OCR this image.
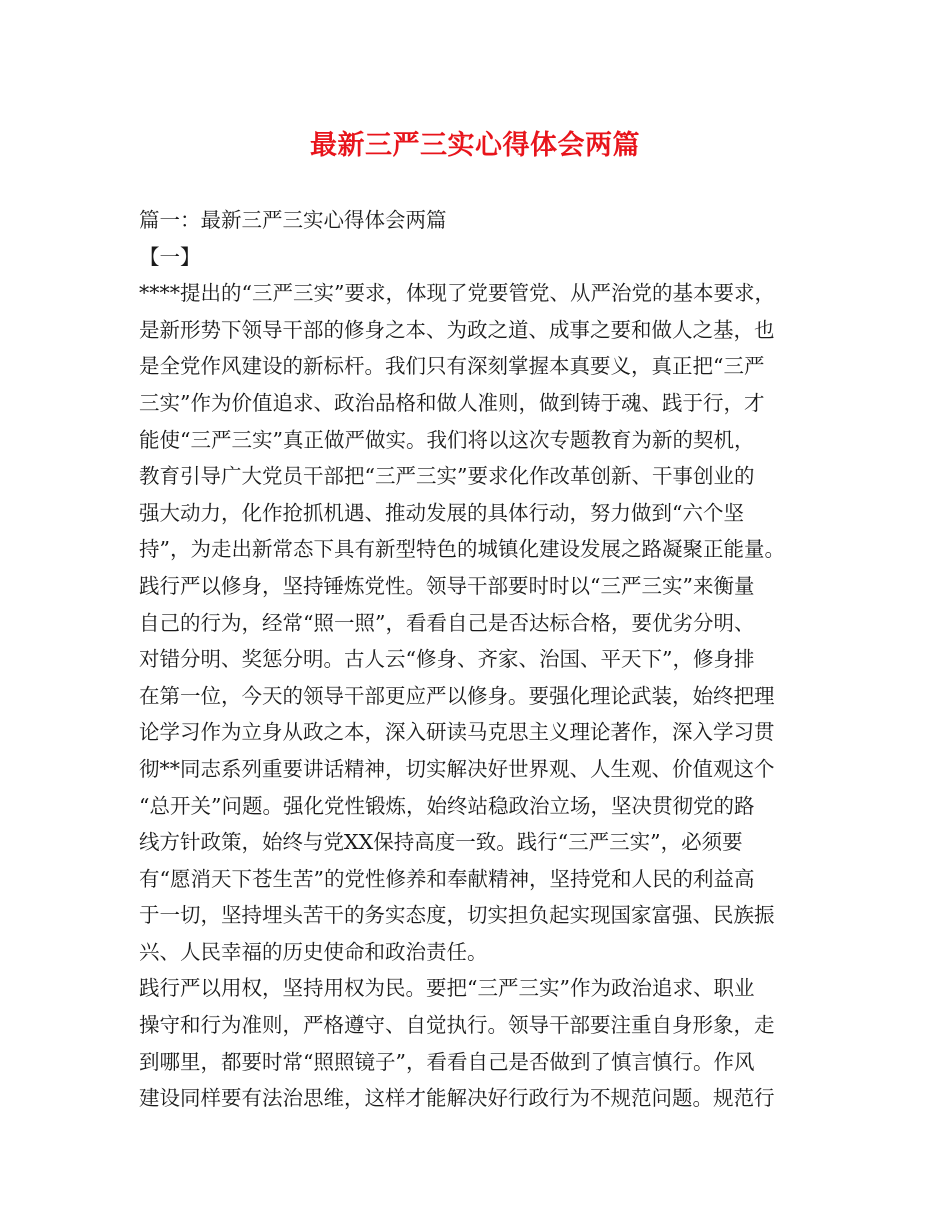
最新三严三实心得体会两篇
篇一：最新三严三实心得体会两篇
【一】
****提出的“三严三实”要求，体现了党要管党、从严治党的基本要求，
是新形势下领导干部的修身之本、为政之道、成事之要和做人之基，也
是全党作风建设的新标杆。我们只有深刻掌握本真要义，真正把“三严
三实”作为价值追求、政治品格和做人准则，做到铸于魂、践于行，才
能使“三严三实”真正做严做实。我们将以这次专题教育为新的契机，
教育引导广大党员干部把“三严三实”要求化作改革创新、干事创业的
强大动力，化作抢抓机遇、推动发展的具体行动，努力做到“六个坚
持”，为走出新常态下具有新型特色的城镇化建设发展之路凝聚正能量。
践行严以修身，坚持锤炼党性。领导干部要时时以“三严三实”来衡量
自己的行为，经常“照一照”，看看自己是否达标合格，要优劣分明、
对错分明、奖惩分明。古人云“修身、齐家、治国、平天下”，修身排
在第一位，今天的领导干部更应严以修身。要强化理论武装，始终把理
论学习作为立身从政之本，深入研读马克思主义理论著作，深入学习贯
彻**同志系列重要讲话精神，切实解决好世界观、人生观、价值观这个
“总开关”问题。强化党性锻炼，始终站稳政治立场，坚决贯彻党的路
线方针政策，始终与党XX保持高度一致。践行“三严三实”，必须要
有“愿消天下苍生苦”的党性修养和奉献精神，坚持党和人民的利益高
于一切，坚持埋头苦干的务实态度，切实担负起实现国家富强、民族振
兴、人民幸福的历史使命和政治责任。
践行严以用权，坚持用权为民。要把“三严三实”作为政治追求、职业
操守和行为准则，严格遵守、自觉执行。领导干部要注重自身形象，走
到哪里，都要时常“照照镜子”，看看自己是否做到了慎言慎行。作风
建设同样要有法治思维，这样才能解决好行政行为不规范问题。规范行
